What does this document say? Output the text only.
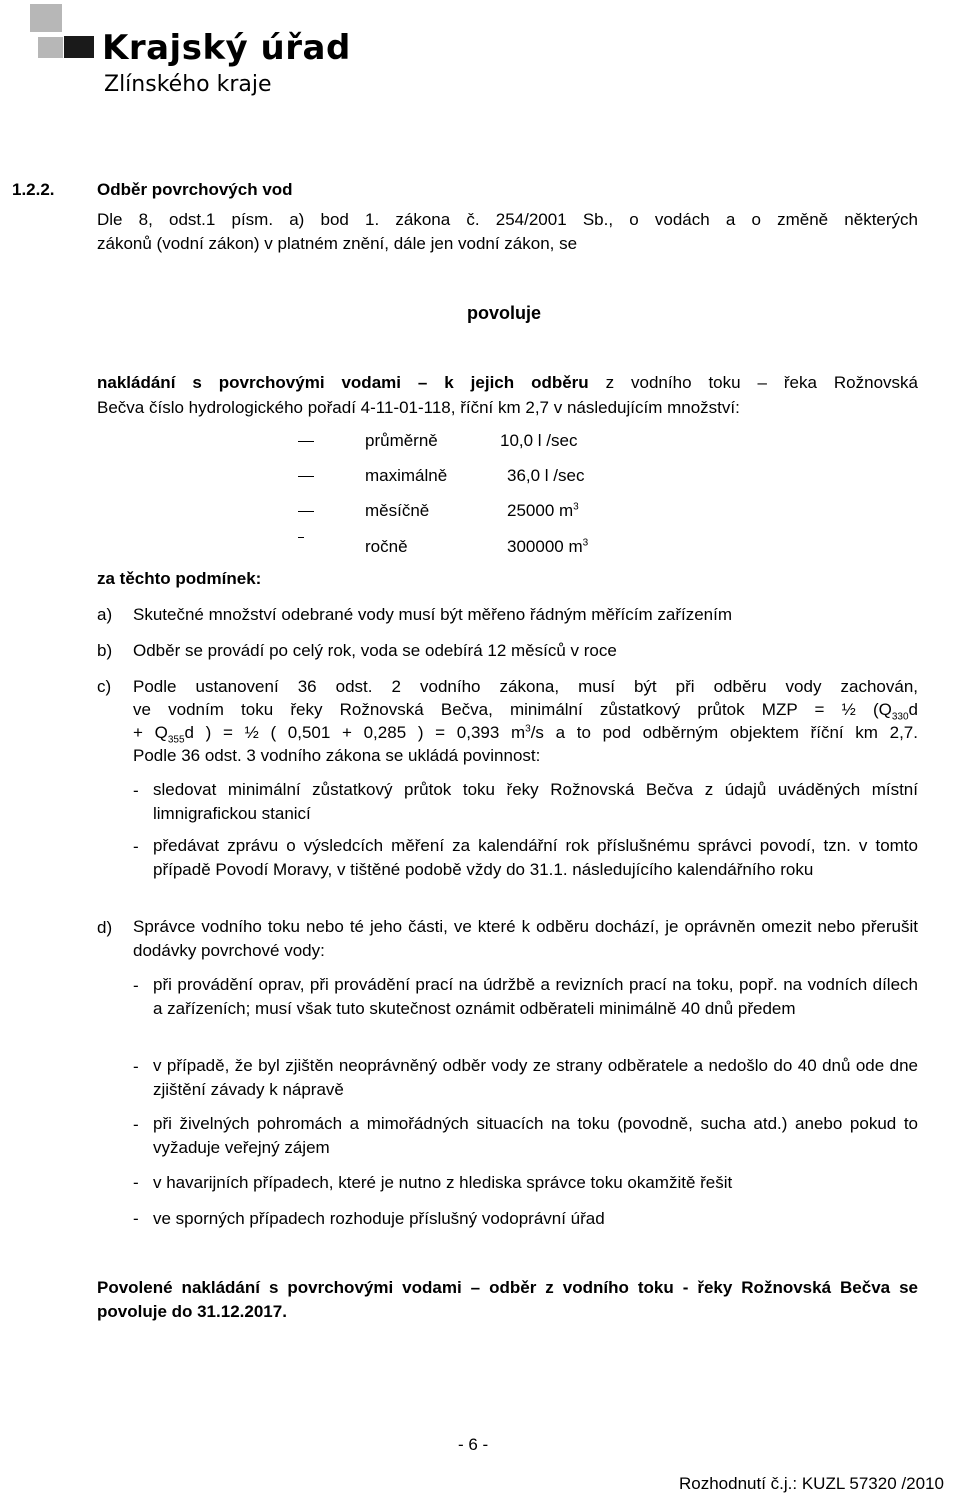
Krajský úřad
Zlínského kraje
1.2.2. Odběr povrchových vod
Dle 8, odst.1 písm. a) bod 1. zákona č. 254/2001 Sb., o vodách a o změně některých
zákonů (vodní zákon) v platném znění, dále jen vodní zákon, se
povoluje
nakládání s povrchovými vodami – k jejich odběru z vodního toku – řeka Rožnovská
Bečva číslo hydrologického pořadí 4-11-01-118, říční km 2,7 v následujícím množství:
průměrně	10,0 l /sec
maximálně	36,0 l /sec
měsíčně	25000 $m^3$
ročně	300000 $m^3$
za těchto podmínek:
a) Skutečné množství odebrané vody musí být měřeno řádným měřícím zařízením
b) Odběr se provádí po celý rok, voda se odebírá 12 měsíců v roce
c) Podle ustanovení 36 odst. 2 vodního zákona, musí být při odběru vody zachován,
ve vodním toku řeky Rožnovská Bečva, minimální zůstatkový průtok MZP = ½ ($Q_{330}d$
+ $Q_{355}d$ ) = ½ ( 0,501 + 0,285 ) = 0,393 $m^3/s$ a to pod odběrným objektem říční km 2,7.
Podle 36 odst. 3 vodního zákona se ukládá povinnost:
- sledovat minimální zůstatkový průtok toku řeky Rožnovská Bečva z údajů uváděných místní limnigrafickou stanicí
- předávat zprávu o výsledcích měření za kalendářní rok příslušnému správci povodí, tzn. v tomto případě Povodí Moravy, v tištěné podobě vždy do 31.1. následujícího kalendářního roku
d) Správce vodního toku nebo té jeho části, ve které k odběru dochází, je oprávněn omezit nebo přerušit dodávky povrchové vody:
- při provádění oprav, při provádění prací na údržbě a revizních prací na toku, popř. na vodních dílech a zařízeních; musí však tuto skutečnost oznámit odběrateli minimálně 40 dnů předem
- v případě, že byl zjištěn neoprávněný odběr vody ze strany odběratele a nedošlo do 40 dnů ode dne zjištění závady k nápravě
- při živelných pohromách a mimořádných situacích na toku (povodně, sucha atd.) anebo pokud to vyžaduje veřejný zájem
- v havarijních případech, které je nutno z hlediska správce toku okamžitě řešit
- ve sporných případech rozhoduje příslušný vodoprávní úřad
Povolené nakládání s povrchovými vodami – odběr z vodního toku - řeky Rožnovská Bečva se povoluje do 31.12.2017.
- 6 -
Rozhodnutí č.j.: KUZL 57320 /2010
